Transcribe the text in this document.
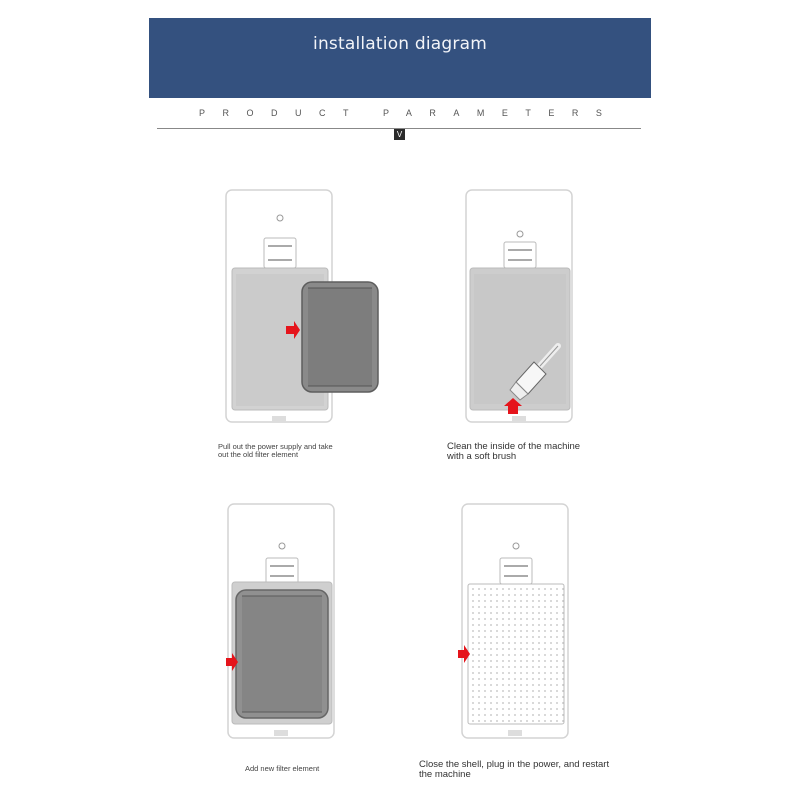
installation diagram
PRODUCT PARAMETERS
V
Pull out the power supply and take
out the old filter element
Clean the inside of the machine
with a soft brush
Add new filter element	Close the shell, plug in the power, and restart
the machine
